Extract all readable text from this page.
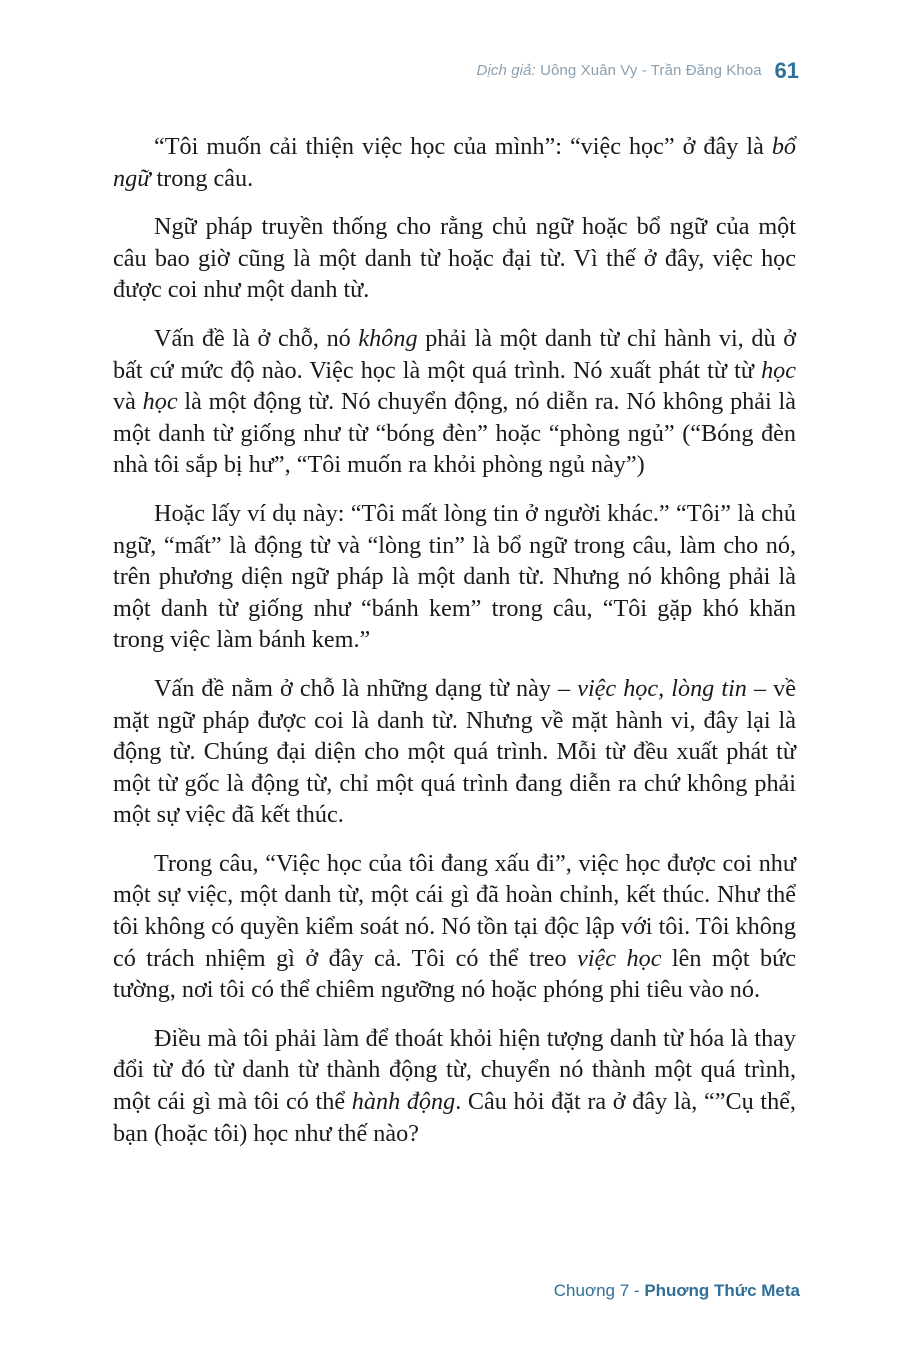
Dịch giả: Uông Xuân Vy - Trần Đăng Khoa 61

“Tôi muốn cải thiện việc học của mình”: “việc học” ở đây là bổ ngữ trong câu.

Ngữ pháp truyền thống cho rằng chủ ngữ hoặc bổ ngữ của một câu bao giờ cũng là một danh từ hoặc đại từ. Vì thế ở đây, việc học được coi như một danh từ.

Vấn đề là ở chỗ, nó không phải là một danh từ chỉ hành vi, dù ở bất cứ mức độ nào. Việc học là một quá trình. Nó xuất phát từ từ học và học là một động từ. Nó chuyển động, nó diễn ra. Nó không phải là một danh từ giống như từ “bóng đèn” hoặc “phòng ngủ” (“Bóng đèn nhà tôi sắp bị hư”, “Tôi muốn ra khỏi phòng ngủ này”)

Hoặc lấy ví dụ này: “Tôi mất lòng tin ở người khác.” “Tôi” là chủ ngữ, “mất” là động từ và “lòng tin” là bổ ngữ trong câu, làm cho nó, trên phương diện ngữ pháp là một danh từ. Nhưng nó không phải là một danh từ giống như “bánh kem” trong câu, “Tôi gặp khó khăn trong việc làm bánh kem.”

Vấn đề nằm ở chỗ là những dạng từ này – việc học, lòng tin – về mặt ngữ pháp được coi là danh từ. Nhưng về mặt hành vi, đây lại là động từ. Chúng đại diện cho một quá trình. Mỗi từ đều xuất phát từ một từ gốc là động từ, chỉ một quá trình đang diễn ra chứ không phải một sự việc đã kết thúc.

Trong câu, “Việc học của tôi đang xấu đi”, việc học được coi như một sự việc, một danh từ, một cái gì đã hoàn chỉnh, kết thúc. Như thể tôi không có quyền kiểm soát nó. Nó tồn tại độc lập với tôi. Tôi không có trách nhiệm gì ở đây cả. Tôi có thể treo việc học lên một bức tường, nơi tôi có thể chiêm ngưỡng nó hoặc phóng phi tiêu vào nó.

Điều mà tôi phải làm để thoát khỏi hiện tượng danh từ hóa là thay đổi từ đó từ danh từ thành động từ, chuyển nó thành một quá trình, một cái gì mà tôi có thể hành động. Câu hỏi đặt ra ở đây là, “”Cụ thể, bạn (hoặc tôi) học như thế nào?

Chuơng 7 - Phuơng Thức Meta
